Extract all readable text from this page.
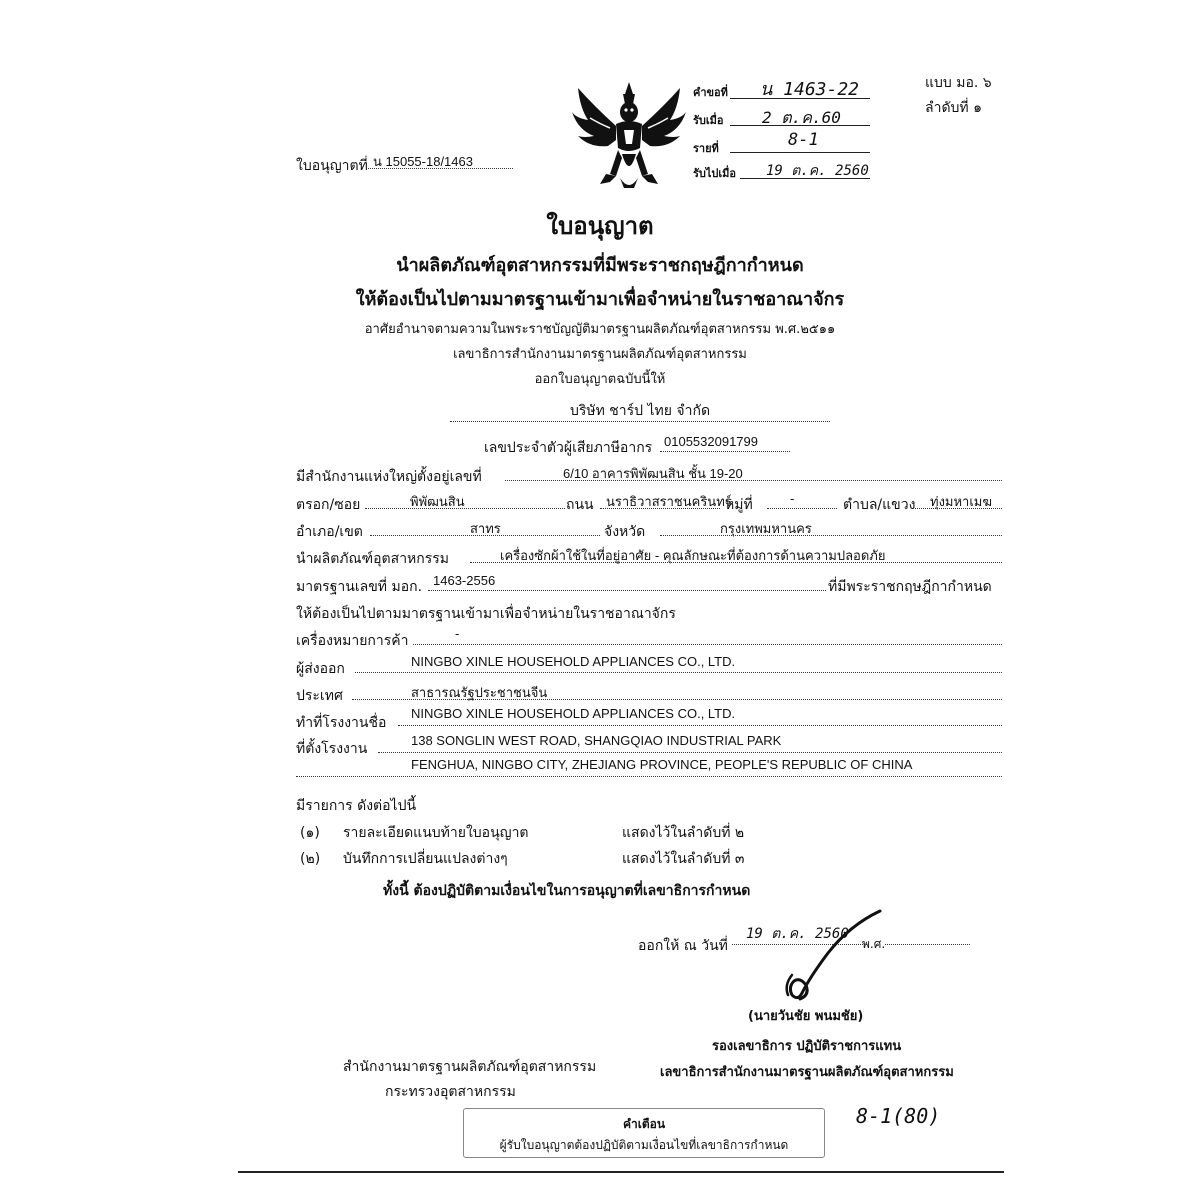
แบบ มอ. ๖
ลำดับที่ ๑
คำขอที่ น 1463-22
รับเมื่อ 2 ต.ค.60
รายที่	8-1
รับไปเมื่อ 19 ต.ค. 2560
ใบอนุญาตที่ น 15055-18/1463
ใบอนุญาต
นำผลิตภัณฑ์อุตสาหกรรมที่มีพระราชกฤษฎีกากำหนด
ให้ต้องเป็นไปตามมาตรฐานเข้ามาเพื่อจำหน่ายในราชอาณาจักร
อาศัยอำนาจตามความในพระราชบัญญัติมาตรฐานผลิตภัณฑ์อุตสาหกรรม พ.ศ.๒๕๑๑
เลขาธิการสำนักงานมาตรฐานผลิตภัณฑ์อุตสาหกรรม
ออกใบอนุญาตฉบับนี้ให้
บริษัท ชาร์ป ไทย จำกัด
เลขประจำตัวผู้เสียภาษีอากร 0105532091799
มีสำนักงานแห่งใหญ่ตั้งอยู่เลขที่	6/10 อาคารพิพัฒนสิน ชั้น 19-20
ตรอก/ซอย	พิพัฒนสิน	ถนน นราธิวาสราชนครินทร์
หมู่ที่	-	ตำบล/แขวง ทุ่งมหาเมฆ
อำเภอ/เขต	สาทร	จังหวัด	กรุงเทพมหานคร
นำผลิตภัณฑ์อุตสาหกรรม	เครื่องซักผ้าใช้ในที่อยู่อาศัย - คุณลักษณะที่ต้องการด้านความปลอดภัย
มาตรฐานเลขที่ มอก. 1463-2556	ที่มีพระราชกฤษฎีกากำหนด
ให้ต้องเป็นไปตามมาตรฐานเข้ามาเพื่อจำหน่ายในราชอาณาจักร
เครื่องหมายการค้า	-
ผู้ส่งออก	NINGBO XINLE HOUSEHOLD APPLIANCES CO., LTD.
ประเทศ	สาธารณรัฐประชาชนจีน
ทำที่โรงงานชื่อ
NINGBO XINLE HOUSEHOLD APPLIANCES CO., LTD.
ที่ตั้งโรงงาน
138 SONGLIN WEST ROAD, SHANGQIAO INDUSTRIAL PARK
FENGHUA, NINGBO CITY, ZHEJIANG PROVINCE, PEOPLE'S REPUBLIC OF CHINA
มีรายการ ดังต่อไปนี้
(๑) รายละเอียดแนบท้ายใบอนุญาต	แสดงไว้ในลำดับที่ ๒
(๒) บันทึกการเปลี่ยนแปลงต่างๆ	แสดงไว้ในลำดับที่ ๓
ทั้งนี้ ต้องปฏิบัติตามเงื่อนไขในการอนุญาตที่เลขาธิการกำหนด
ออกให้ ณ วันที่
19 ต.ค. 2560
พ.ศ.
(นายวันชัย พนมชัย)
รองเลขาธิการ ปฏิบัติราชการแทน
เลขาธิการสำนักงานมาตรฐานผลิตภัณฑ์อุตสาหกรรม
สำนักงานมาตรฐานผลิตภัณฑ์อุตสาหกรรม
กระทรวงอุตสาหกรรม
คำเตือน
ผู้รับใบอนุญาตต้องปฏิบัติตามเงื่อนไขที่เลขาธิการกำหนด
8-1(80)
